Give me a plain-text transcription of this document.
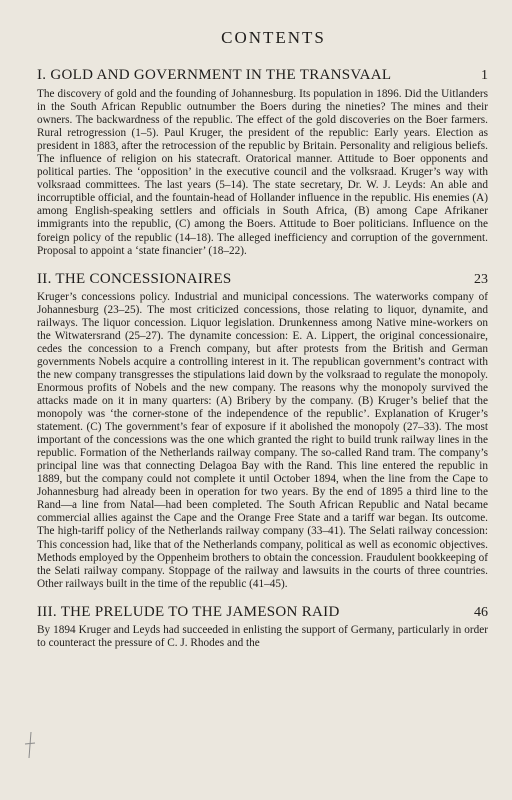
CONTENTS
I. GOLD AND GOVERNMENT IN THE TRANSVAAL	1

The discovery of gold and the founding of Johannesburg. Its population in 1896. Did the Uitlanders in the South African Republic outnumber the Boers during the nineties? The mines and their owners. The backwardness of the republic. The effect of the gold discoveries on the Boer farmers. Rural retrogression (1–5). Paul Kruger, the president of the republic: Early years. Election as president in 1883, after the retrocession of the republic by Britain. Personality and religious beliefs. The influence of religion on his statecraft. Oratorical manner. Attitude to Boer opponents and political parties. The ‘opposition’ in the executive council and the volksraad. Kruger’s way with volksraad committees. The last years (5–14). The state secretary, Dr. W. J. Leyds: An able and incorruptible official, and the fountain-head of Hollander influence in the republic. His enemies (A) among English-speaking settlers and officials in South Africa, (B) among Cape Afrikaner immigrants into the republic, (C) among the Boers. Attitude to Boer politicians. Influence on the foreign policy of the republic (14–18). The alleged inefficiency and corruption of the government. Proposal to appoint a ‘state financier’ (18–22).

II. THE CONCESSIONAIRES	23

Kruger’s concessions policy. Industrial and municipal concessions. The waterworks company of Johannesburg (23–25). The most criticized concessions, those relating to liquor, dynamite, and railways. The liquor concession. Liquor legislation. Drunkenness among Native mine-workers on the Witwatersrand (25–27). The dynamite concession: E. A. Lippert, the original concessionaire, cedes the concession to a French company, but after protests from the British and German governments Nobels acquire a controlling interest in it. The republican government’s contract with the new company transgresses the stipulations laid down by the volksraad to regulate the monopoly. Enormous profits of Nobels and the new company. The reasons why the monopoly survived the attacks made on it in many quarters: (A) Bribery by the company. (B) Kruger’s belief that the monopoly was ‘the corner-stone of the independence of the republic’. Explanation of Kruger’s statement. (C) The government’s fear of exposure if it abolished the monopoly (27–33). The most important of the concessions was the one which granted the right to build trunk railway lines in the republic. Formation of the Netherlands railway company. The so-called Rand tram. The company’s principal line was that connecting Delagoa Bay with the Rand. This line entered the republic in 1889, but the company could not complete it until October 1894, when the line from the Cape to Johannesburg had already been in operation for two years. By the end of 1895 a third line to the Rand—a line from Natal—had been completed. The South African Republic and Natal became commercial allies against the Cape and the Orange Free State and a tariff war began. Its outcome. The high-tariff policy of the Netherlands railway company (33–41). The Selati railway concession: This concession had, like that of the Netherlands company, political as well as economic objectives. Methods employed by the Oppenheim brothers to obtain the concession. Fraudulent bookkeeping of the Selati railway company. Stoppage of the railway and lawsuits in the courts of three countries. Other railways built in the time of the republic (41–45).

III. THE PRELUDE TO THE JAMESON RAID	46

By 1894 Kruger and Leyds had succeeded in enlisting the support of Germany, particularly in order to counteract the pressure of C. J. Rhodes and the
